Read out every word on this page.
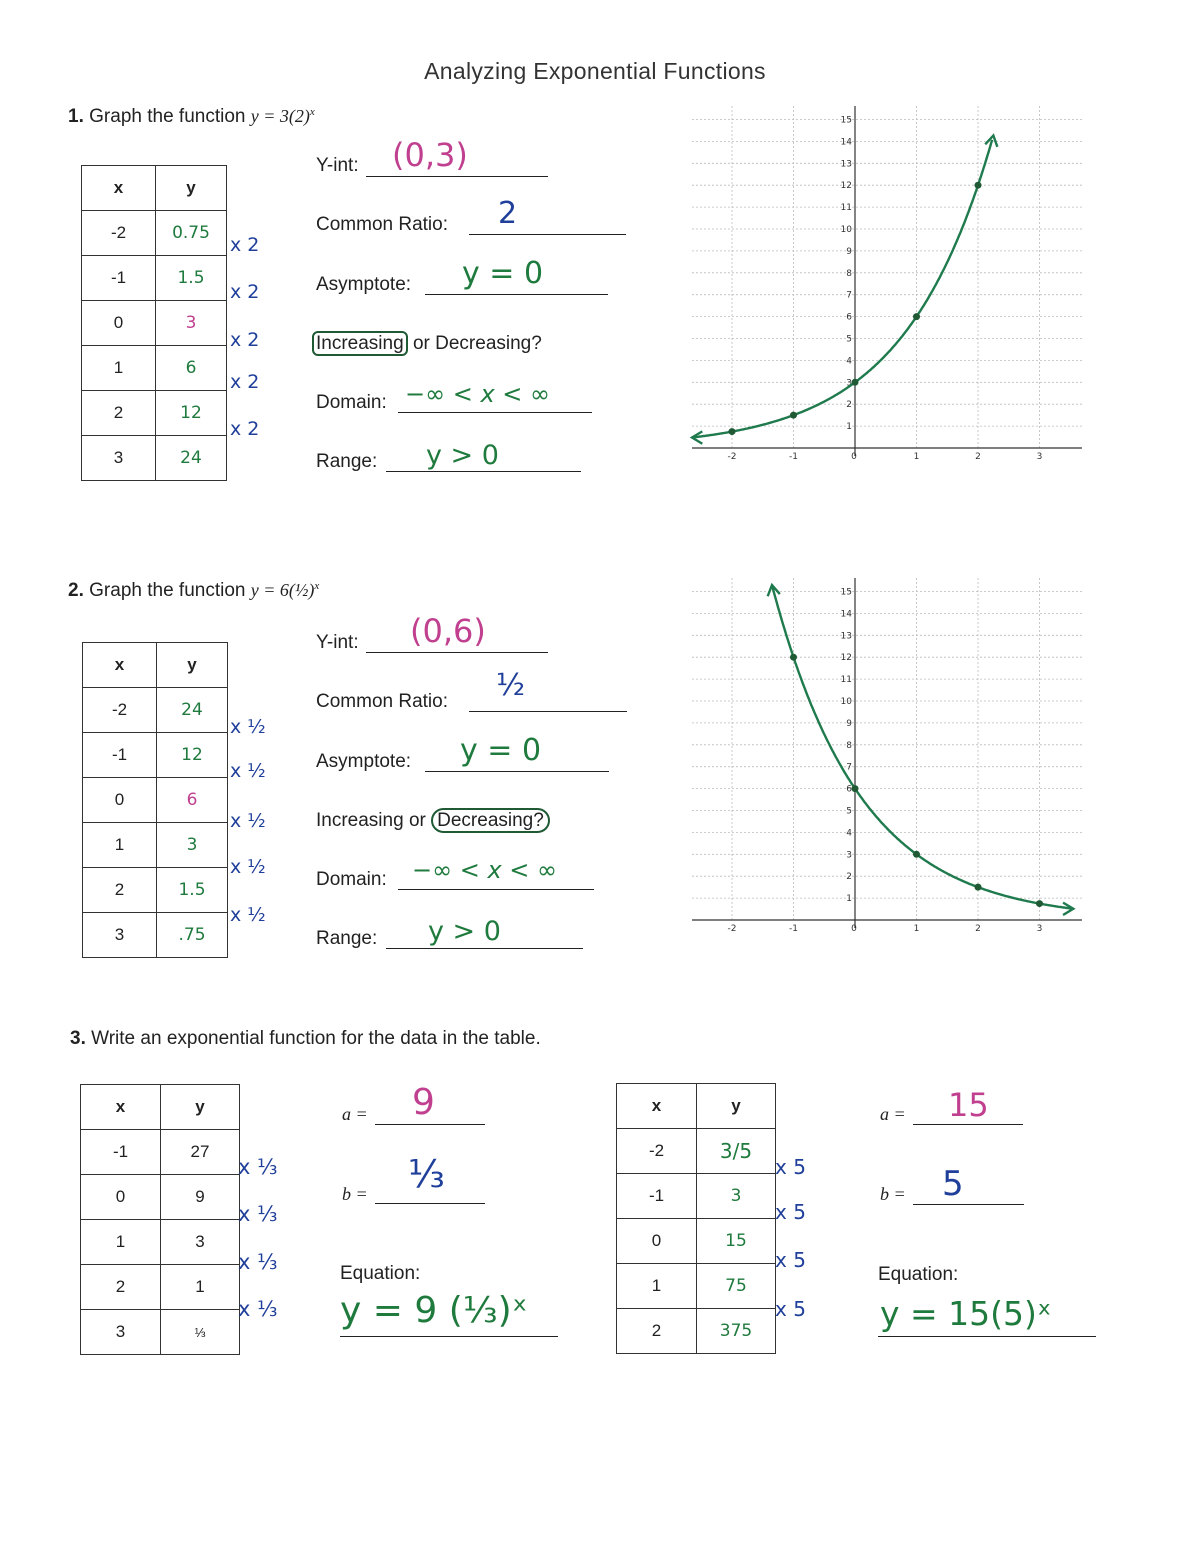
Analyzing Exponential Functions
1. Graph the function $y = 3(2)^x$
x	y
-2	0.75
-1	1.5
0	3
1	6
2	12
3	24
x 2
x 2
x 2
x 2
x 2
Y-int: (0,3)
Common Ratio: 2
Asymptote: y = 0
Increasing or Decreasing?
Domain: −∞ < x < ∞
Range: y > 0	-2	-1	0	1	2	3
1
2
3
4
5
6
7
8
9
10
11
12
13
14
15
2. Graph the function y = 6(½)$^x$
x	y
-2	24
-1	12
0	6
1	3
2	1.5
3	.75
x ½
x ½
x ½
x ½
x ½
Y-int: (0,6)
Common Ratio: ½
Asymptote: y = 0
Increasing or Decreasing?
Domain: −∞ < x < ∞
Range: y > 0	-2	-1	0	1	2	3
1
2
3
4
5
6
7
8
9
10
11
12
13
14
15
3. Write an exponential function for the data in the table.
x	y
-1	27
0	9
1	3
2	1
3	⅓
x ⅓
x ⅓
x ⅓
x ⅓
a = 9
b = ⅓
Equation:
y = 9 (⅓)ˣ
x	y
-2	3/5
-1	3
0	15
1	75
2	375
x 5
x 5
x 5
x 5
a = 15
b = 5
Equation:
y = 15(5)ˣ
